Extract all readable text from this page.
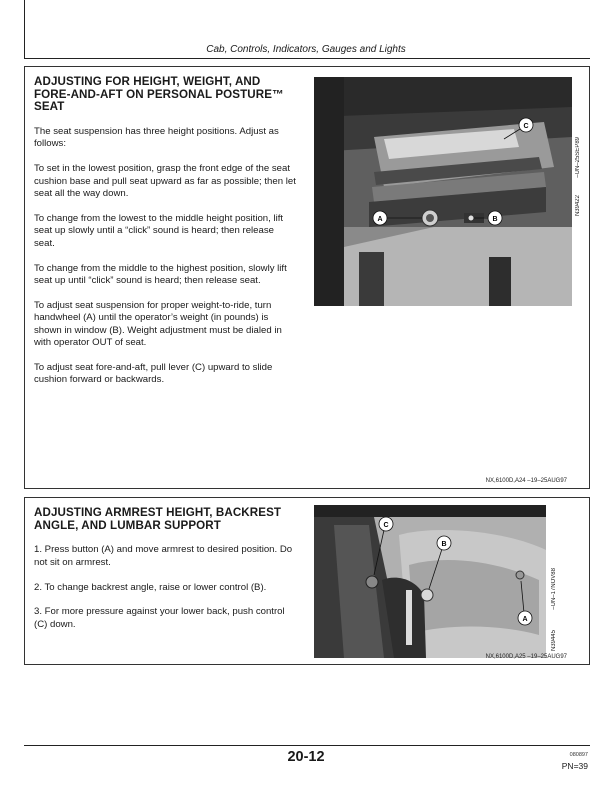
Cab, Controls, Indicators, Gauges and Lights
ADJUSTING FOR HEIGHT, WEIGHT, AND FORE-AND-AFT ON PERSONAL POSTURE™ SEAT

The seat suspension has three height positions. Adjust as follows:

To set in the lowest position, grasp the front edge of the seat cushion base and pull seat upward as far as possible; then let seat all the way down.

To change from the lowest to the middle height position, lift seat up slowly until a “click” sound is heard; then release seat.

To change from the middle to the highest position, slowly lift seat up until “click” sound is heard; then release seat.

To adjust seat suspension for proper weight-to-ride, turn handwheel (A) until the operator’s weight (in pounds) is shown in window (B). Weight adjustment must be dialed in with operator OUT of seat.

To adjust seat fore-and-aft, pull lever (C) upward to slide cushion forward or backwards.

A	B
C
–UN–25SEP89
N39422
NX,6100D,A24 –19–25AUG97
ADJUSTING ARMREST HEIGHT, BACKREST ANGLE, AND LUMBAR SUPPORT

1. Press button (A) and move armrest to desired position. Do not sit on armrest.

2. To change backrest angle, raise or lower control (B).

3. For more pressure against your lower back, push control (C) down.

C
B
A
–UN–17NOV88
N39445
NX,6100D,A25 –19–25AUG97
20-12	080897
PN=39
